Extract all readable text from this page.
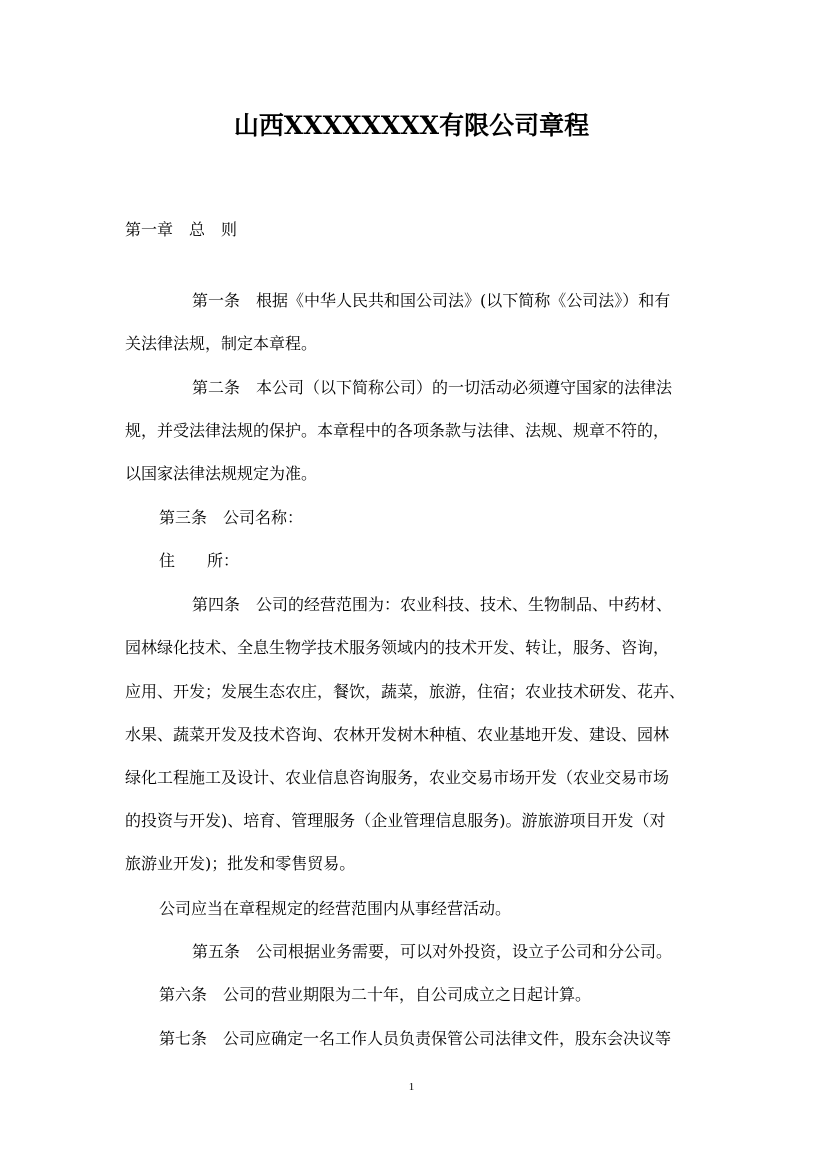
山西XXXXXXXX有限公司章程

第一章　总　则

第一条　根据《中华人民共和国公司法》(以下简称《公司法》）和有

关法律法规，制定本章程。

第二条　本公司（以下简称公司）的一切活动必须遵守国家的法律法

规，并受法律法规的保护。本章程中的各项条款与法律、法规、规章不符的，

以国家法律法规规定为准。

第三条　公司名称：

住　　所：

第四条　公司的经营范围为：农业科技、技术、生物制品、中药材、

园林绿化技术、全息生物学技术服务领域内的技术开发、转让，服务、咨询，

应用、开发；发展生态农庄，餐饮，蔬菜，旅游，住宿；农业技术研发、花卉、

水果、蔬菜开发及技术咨询、农林开发树木种植、农业基地开发、建设、园林

绿化工程施工及设计、农业信息咨询服务，农业交易市场开发（农业交易市场

的投资与开发)、培育、管理服务（企业管理信息服务)。游旅游项目开发（对

旅游业开发)；批发和零售贸易。

公司应当在章程规定的经营范围内从事经营活动。

第五条　公司根据业务需要，可以对外投资，设立子公司和分公司。

第六条　公司的营业期限为二十年，自公司成立之日起计算。

第七条　公司应确定一名工作人员负责保管公司法律文件，股东会决议等

1
